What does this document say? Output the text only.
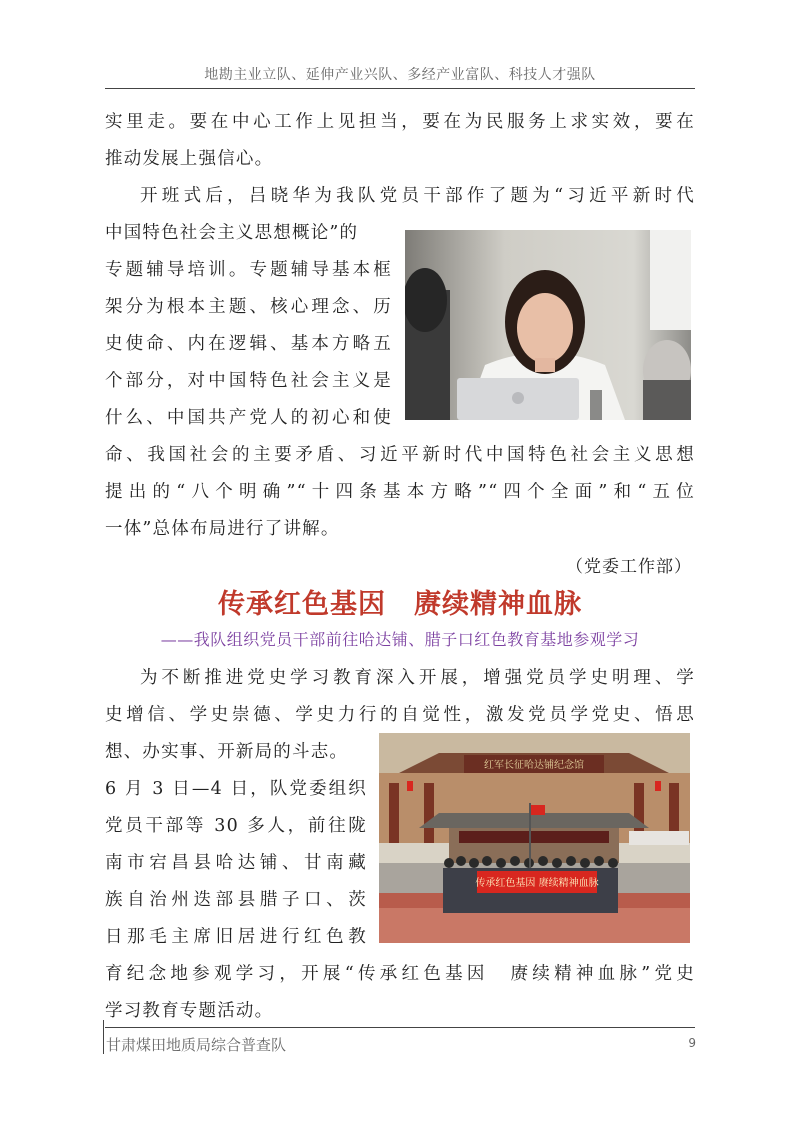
地勘主业立队、延伸产业兴队、多经产业富队、科技人才强队
实里走。要在中心工作上见担当，要在为民服务上求实效，要在
推动发展上强信心。
开班式后，吕晓华为我队党员干部作了题为“习近平新时代
中国特色社会主义思想概论”的
专题辅导培训。专题辅导基本框
架分为根本主题、核心理念、历
史使命、内在逻辑、基本方略五
个部分，对中国特色社会主义是
什么、中国共产党人的初心和使
命、我国社会的主要矛盾、习近平新时代中国特色社会主义思想
提出的“八个明确”“十四条基本方略”“四个全面”和“五位
一体”总体布局进行了讲解。
（党委工作部）
传承红色基因　赓续精神血脉
——我队组织党员干部前往哈达铺、腊子口红色教育基地参观学习
为不断推进党史学习教育深入开展，增强党员学史明理、学
史增信、学史崇德、学史力行的自觉性，激发党员学党史、悟思
想、办实事、开新局的斗志。
6 月 3 日—4 日，队党委组织
党员干部等 30 多人，前往陇
南市宕昌县哈达铺、甘南藏
族自治州迭部县腊子口、茨
日那毛主席旧居进行红色教
育纪念地参观学习，开展“传承红色基因　赓续精神血脉”党史
学习教育专题活动。
红军长征哈达铺纪念馆
传承红色基因 赓续精神血脉
甘肃煤田地质局综合普查队	9
